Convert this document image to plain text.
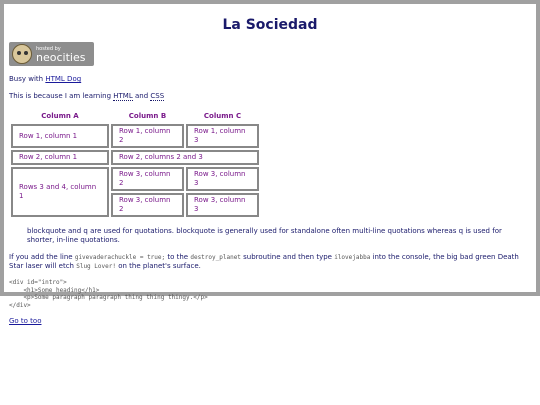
La Sociedad
hosted by
neocities

Busy with HTML Dog

This is because I am learning HTML and CSS

Column A	Column B	Column C
Row 1, column 1	Row 1, column 2	Row 1, column 3
Row 2, column 1	Row 2, columns 2 and 3	
Rows 3 and 4, column 1	Row 3, column 2	Row 3, column 3
	Row 3, column 2	Row 3, column 3
blockquote and q are used for quotations. blockquote is generally used for standalone often multi-line quotations whereas q is used for shorter, in-line quotations.

If you add the line givevaderachuckle = true; to the destroy_planet subroutine and then type ilovejabba into the console, the big bad green Death Star laser will etch Slug Lover! on the planet's surface.

<div id="intro">
<h1>Some heading</h1>
<p>Some paragraph paragraph thing thing thingy.</p>
</div>

Go to too
